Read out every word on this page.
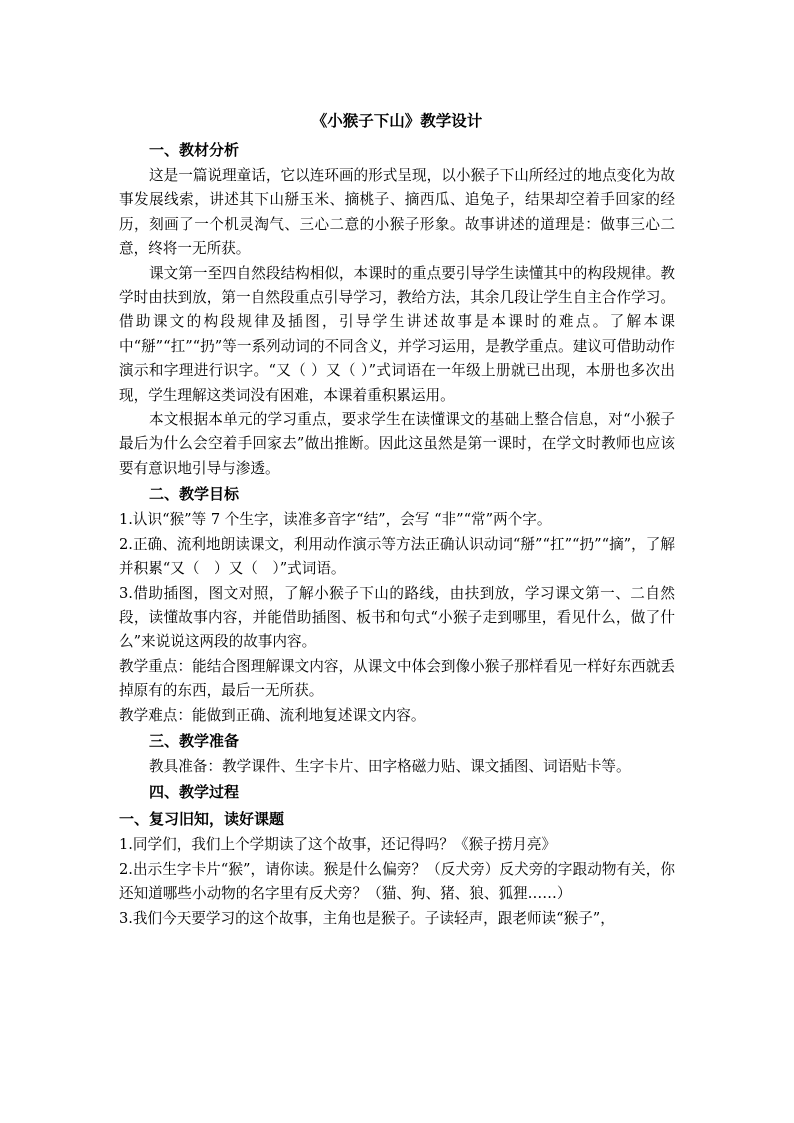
《小猴子下山》教学设计
一、教材分析

这是一篇说理童话，它以连环画的形式呈现，以小猴子下山所经过的地点变化为故事发展线索，讲述其下山掰玉米、摘桃子、摘西瓜、追兔子，结果却空着手回家的经历，刻画了一个机灵淘气、三心二意的小猴子形象。故事讲述的道理是：做事三心二意，终将一无所获。

课文第一至四自然段结构相似，本课时的重点要引导学生读懂其中的构段规律。教学时由扶到放，第一自然段重点引导学习，教给方法，其余几段让学生自主合作学习。借助课文的构段规律及插图，引导学生讲述故事是本课时的难点。了解本课中“掰”“扛”“扔”等一系列动词的不同含义，并学习运用，是教学重点。建议可借助动作演示和字理进行识字。“又（ ）又（ ）”式词语在一年级上册就已出现，本册也多次出现，学生理解这类词没有困难，本课着重积累运用。

本文根据本单元的学习重点，要求学生在读懂课文的基础上整合信息，对“小猴子最后为什么会空着手回家去”做出推断。因此这虽然是第一课时，在学文时教师也应该要有意识地引导与渗透。

二、教学目标

1.认识“猴”等 7 个生字，读准多音字“结”，会写 “非”“常”两个字。

2.正确、流利地朗读课文，利用动作演示等方法正确认识动词“掰”“扛”“扔”“摘”，了解并积累“又（　）又（　）”式词语。

3.借助插图，图文对照，了解小猴子下山的路线，由扶到放，学习课文第一、二自然段，读懂故事内容，并能借助插图、板书和句式“小猴子走到哪里，看见什么，做了什么”来说说这两段的故事内容。

教学重点：能结合图理解课文内容，从课文中体会到像小猴子那样看见一样好东西就丢掉原有的东西，最后一无所获。

教学难点：能做到正确、流利地复述课文内容。

三、教学准备

教具准备：教学课件、生字卡片、田字格磁力贴、课文插图、词语贴卡等。

四、教学过程
一、复习旧知，读好课题

1.同学们，我们上个学期读了这个故事，还记得吗？《猴子捞月亮》

2.出示生字卡片“猴”，请你读。猴是什么偏旁？（反犬旁）反犬旁的字跟动物有关，你还知道哪些小动物的名字里有反犬旁？（猫、狗、猪、狼、狐狸……）

3.我们今天要学习的这个故事，主角也是猴子。子读轻声，跟老师读“猴子”，
